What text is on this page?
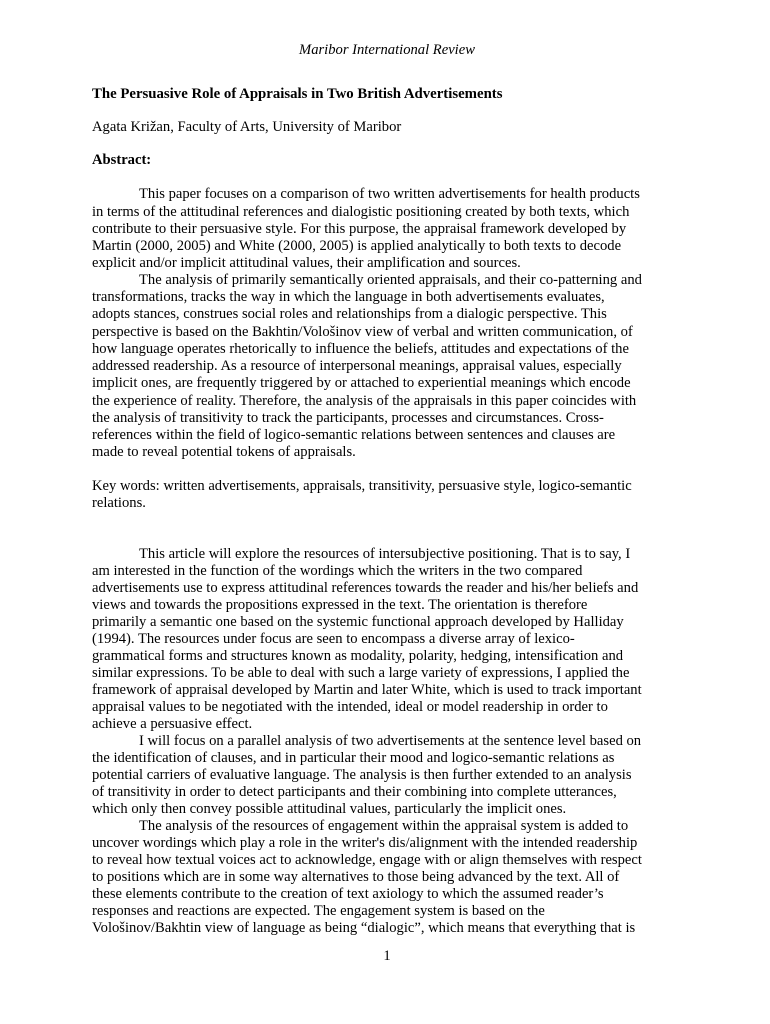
Maribor International Review
The Persuasive Role of Appraisals in Two British Advertisements
Agata Križan, Faculty of Arts, University of Maribor
Abstract:
This paper focuses on a comparison of two written advertisements for health products
in terms of the attitudinal references and dialogistic positioning created by both texts, which
contribute to their persuasive style. For this purpose, the appraisal framework developed by
Martin (2000, 2005) and White (2000, 2005) is applied analytically to both texts to decode
explicit and/or implicit attitudinal values, their amplification and sources.
The analysis of primarily semantically oriented appraisals, and their co-patterning and
transformations, tracks the way in which the language in both advertisements evaluates,
adopts stances, construes social roles and relationships from a dialogic perspective. This
perspective is based on the Bakhtin/Vološinov view of verbal and written communication, of
how language operates rhetorically to influence the beliefs, attitudes and expectations of the
addressed readership. As a resource of interpersonal meanings, appraisal values, especially
implicit ones, are frequently triggered by or attached to experiential meanings which encode
the experience of reality. Therefore, the analysis of the appraisals in this paper coincides with
the analysis of transitivity to track the participants, processes and circumstances. Cross-
references within the field of logico-semantic relations between sentences and clauses are
made to reveal potential tokens of appraisals.
Key words: written advertisements, appraisals, transitivity, persuasive style, logico-semantic
relations.
This article will explore the resources of intersubjective positioning. That is to say, I
am interested in the function of the wordings which the writers in the two compared
advertisements use to express attitudinal references towards the reader and his/her beliefs and
views and towards the propositions expressed in the text. The orientation is therefore
primarily a semantic one based on the systemic functional approach developed by Halliday
(1994). The resources under focus are seen to encompass a diverse array of lexico-
grammatical forms and structures known as modality, polarity, hedging, intensification and
similar expressions. To be able to deal with such a large variety of expressions, I applied the
framework of appraisal developed by Martin and later White, which is used to track important
appraisal values to be negotiated with the intended, ideal or model readership in order to
achieve a persuasive effect.
I will focus on a parallel analysis of two advertisements at the sentence level based on
the identification of clauses, and in particular their mood and logico-semantic relations as
potential carriers of evaluative language. The analysis is then further extended to an analysis
of transitivity in order to detect participants and their combining into complete utterances,
which only then convey possible attitudinal values, particularly the implicit ones.
The analysis of the resources of engagement within the appraisal system is added to
uncover wordings which play a role in the writer's dis/alignment with the intended readership
to reveal how textual voices act to acknowledge, engage with or align themselves with respect
to positions which are in some way alternatives to those being advanced by the text. All of
these elements contribute to the creation of text axiology to which the assumed reader’s
responses and reactions are expected. The engagement system is based on the
Vološinov/Bakhtin view of language as being “dialogic”, which means that everything that is
1
